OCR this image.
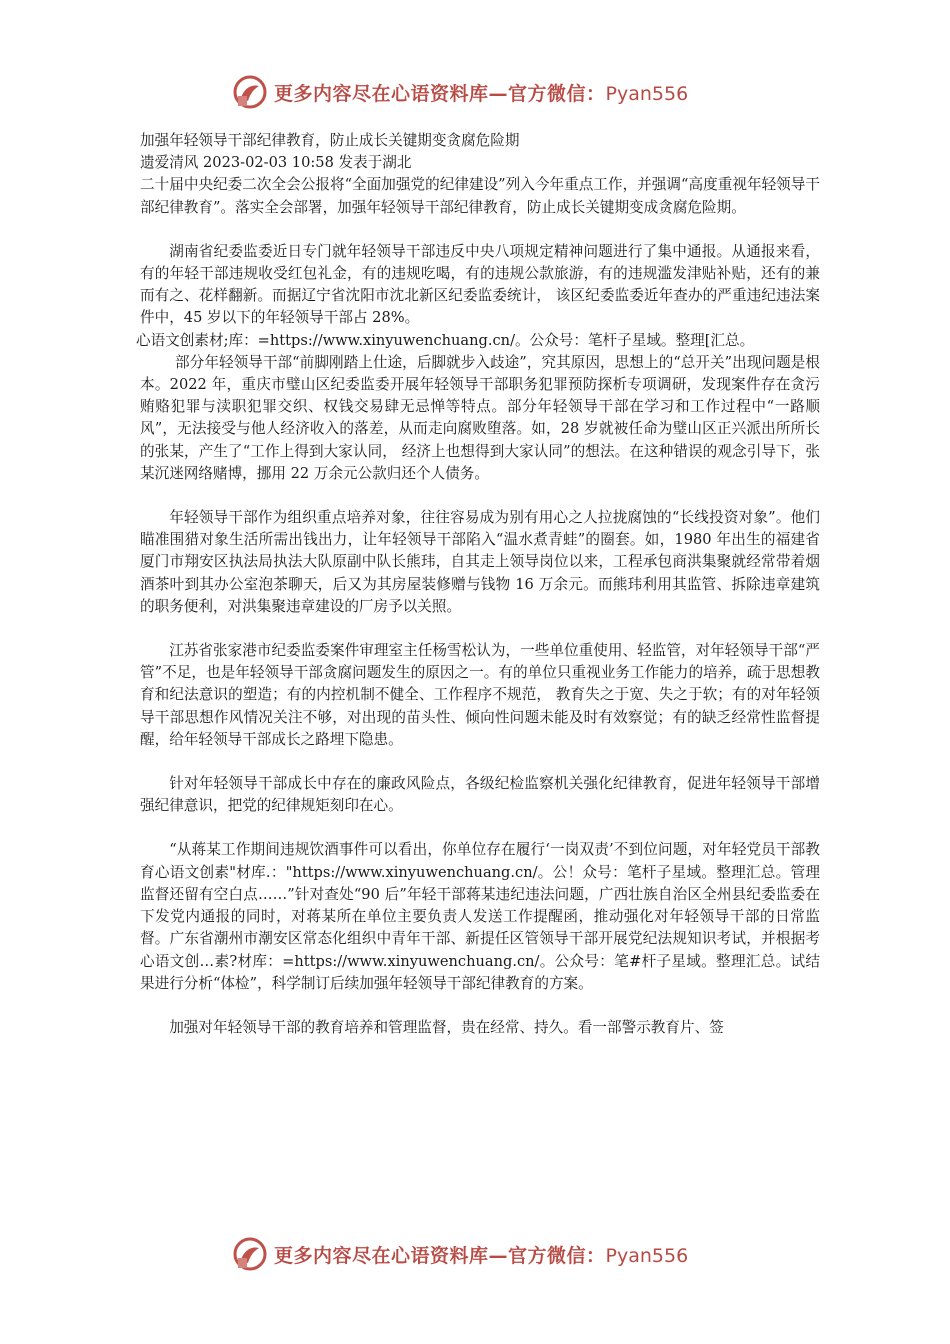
更多内容尽在心语资料库—官方微信：Pyan556

加强年轻领导干部纪律教育，防止成长关键期变贪腐危险期

遗爱清风 2023-02-03 10:58 发表于湖北

二十届中央纪委二次全会公报将“全面加强党的纪律建设”列入今年重点工作，并强调“高度重视年轻领导干部纪律教育”。落实全会部署，加强年轻领导干部纪律教育，防止成长关键期变成贪腐危险期。

湖南省纪委监委近日专门就年轻领导干部违反中央八项规定精神问题进行了集中通报。从通报来看，有的年轻干部违规收受红包礼金，有的违规吃喝，有的违规公款旅游，有的违规滥发津贴补贴，还有的兼而有之、花样翻新。而据辽宁省沈阳市沈北新区纪委监委统计， 该区纪委监委近年查办的严重违纪违法案件中，45 岁以下的年轻领导干部占 28%。

心语文创素材;库：=https://www.xinyuwenchuang.cn/。公众号：笔杆子星域。整理[汇总。

部分年轻领导干部“前脚刚踏上仕途，后脚就步入歧途”，究其原因，思想上的“总开关”出现问题是根本。2022 年，重庆市璧山区纪委监委开展年轻领导干部职务犯罪预防探析专项调研，发现案件存在贪污贿赂犯罪与渎职犯罪交织、权钱交易肆无忌惮等特点。部分年轻领导干部在学习和工作过程中“一路顺风”，无法接受与他人经济收入的落差，从而走向腐败堕落。如，28 岁就被任命为璧山区正兴派出所所长的张某，产生了“工作上得到大家认同， 经济上也想得到大家认同”的想法。在这种错误的观念引导下，张某沉迷网络赌博，挪用 22 万余元公款归还个人债务。

年轻领导干部作为组织重点培养对象，往往容易成为别有用心之人拉拢腐蚀的“长线投资对象”。他们瞄准围猎对象生活所需出钱出力，让年轻领导干部陷入“温水煮青蛙”的圈套。如，1980 年出生的福建省厦门市翔安区执法局执法大队原副中队长熊玮，自其走上领导岗位以来，工程承包商洪集聚就经常带着烟酒茶叶到其办公室泡茶聊天，后又为其房屋装修赠与钱物 16 万余元。而熊玮利用其监管、拆除违章建筑的职务便利，对洪集聚违章建设的厂房予以关照。

江苏省张家港市纪委监委案件审理室主任杨雪松认为，一些单位重使用、轻监管，对年轻领导干部“严管”不足，也是年轻领导干部贪腐问题发生的原因之一。有的单位只重视业务工作能力的培养，疏于思想教育和纪法意识的塑造；有的内控机制不健全、工作程序不规范， 教育失之于宽、失之于软；有的对年轻领导干部思想作风情况关注不够，对出现的苗头性、倾向性问题未能及时有效察觉；有的缺乏经常性监督提醒，给年轻领导干部成长之路埋下隐患。

针对年轻领导干部成长中存在的廉政风险点，各级纪检监察机关强化纪律教育，促进年轻领导干部增强纪律意识，把党的纪律规矩刻印在心。

“从蒋某工作期间违规饮酒事件可以看出，你单位存在履行‘一岗双责’不到位问题，对年轻党员干部教育心语文创素"材库.："https://www.xinyuwenchuang.cn/。公！众号：笔杆子星域。整理汇总。管理监督还留有空白点……”针对查处“90 后”年轻干部蒋某违纪违法问题，广西壮族自治区全州县纪委监委在下发党内通报的同时，对蒋某所在单位主要负责人发送工作提醒函，推动强化对年轻领导干部的日常监督。广东省潮州市潮安区常态化组织中青年干部、新提任区管领导干部开展党纪法规知识考试，并根据考心语文创…素?材库：=https://www.xinyuwenchuang.cn/。公众号：笔#杆子星域。整理汇总。试结果进行分析“体检”，科学制订后续加强年轻领导干部纪律教育的方案。

加强对年轻领导干部的教育培养和管理监督，贵在经常、持久。看一部警示教育片、签

更多内容尽在心语资料库—官方微信：Pyan556
